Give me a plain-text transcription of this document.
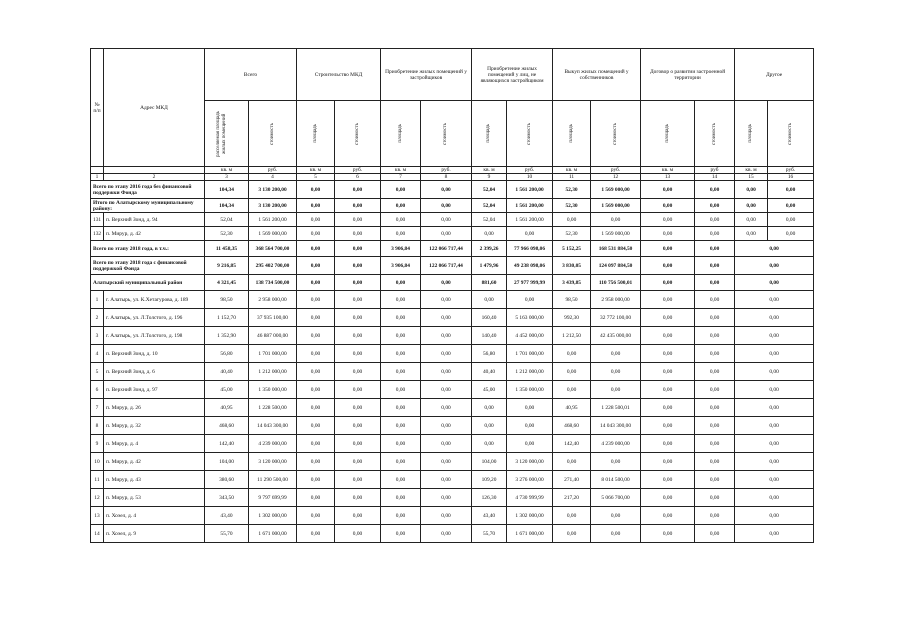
№ п/п	Адрес МКД	Всего		Строительство МКД		Приобретение жилых помещений у застройщиков		Приобретение жилых помещений у лиц, не являющихся застройщиком		Выкуп жилых помещений у собственников		Договор о развитии застроенной территории		Другое	

		расселяемая площадь жилых помещений	стоимость	площадь	стоимость	площадь	стоимость	площадь	стоимость	площадь	стоимость	площадь	стоимость	площадь	стоимость

		кв. м	руб.	кв. м	руб.	кв. м	руб.	кв. м	руб.	кв. м	руб.	кв. м	руб	кв. м	руб.
1	2	3	4	5	6	7	8	9	10	11	12	13	14	15	16
Всего по этапу 2016 года без финансовой поддержки Фонда		104,34	3 130 200,00	0,00	0,00	0,00	0,00	52,04	1 561 200,00	52,30	1 569 000,00	0,00	0,00	0,00	0,00
Итого по Алатырскому муниципальному району:		104,34	3 130 200,00	0,00	0,00	0,00	0,00	52,04	1 561 200,00	52,30	1 569 000,00	0,00	0,00	0,00	0,00
131	п. Верхний Зонд, д. 94	52,04	1 561 200,00	0,00	0,00	0,00	0,00	52,04	1 561 200,00	0,00	0,00	0,00	0,00	0,00	0,00
132	п. Мирур, д. 42	52,30	1 569 000,00	0,00	0,00	0,00	0,00	0,00	0,00	52,30	1 569 000,00	0,00	0,00	0,00	0,00
Всего по этапу 2018 года, в т.ч.:		11 458,35	368 564 700,00	0,00	0,00	3 906,84	122 066 717,44	2 399,26	77 966 098,06	5 152,25	168 531 884,50	0,00	0,00	0,00	
Всего по этапу 2018 года с финансовой поддержкой Фонда		9 216,85	295 402 700,00	0,00	0,00	3 906,84	122 066 717,44	1 479,96	49 238 098,06	3 830,05	124 097 884,50	0,00	0,00	0,00	
Алатырский муниципальный район		4 321,45	138 734 500,00	0,00	0,00	0,00	0,00	881,60	27 977 999,99	3 439,85	110 756 500,01	0,00	0,00	0,00	
1	г. Алатырь, ул. К.Хетагурова, д. 189	98,50	2 958 000,00	0,00	0,00	0,00	0,00	0,00	0,00	98,50	2 958 000,00	0,00	0,00	0,00	
2	г. Алатырь, ул. Л.Толстого, д. 196	1 152,70	37 935 100,00	0,00	0,00	0,00	0,00	160,40	5 163 000,00	992,30	32 772 100,00	0,00	0,00	0,00	
3	г. Алатырь, ул. Л.Толстого, д. 198	1 352,90	46 887 000,00	0,00	0,00	0,00	0,00	140,40	4 452 000,00	1 212,50	42 435 000,00	0,00	0,00	0,00	
4	п. Верхний Зонд, д. 10	56,80	1 701 000,00	0,00	0,00	0,00	0,00	56,80	1 701 000,00	0,00	0,00	0,00	0,00	0,00	
5	п. Верхний Зонд, д. 6	40,40	1 212 000,00	0,00	0,00	0,00	0,00	40,40	1 212 000,00	0,00	0,00	0,00	0,00	0,00	
6	п. Верхний Зонд, д. 97	45,00	1 350 000,00	0,00	0,00	0,00	0,00	45,00	1 350 000,00	0,00	0,00	0,00	0,00	0,00	
7	п. Мирур, д. 26	40,95	1 228 500,00	0,00	0,00	0,00	0,00	0,00	0,00	40,95	1 228 500,01	0,00	0,00	0,00	
8	п. Мирур, д. 32	468,60	14 043 300,00	0,00	0,00	0,00	0,00	0,00	0,00	468,60	14 043 300,00	0,00	0,00	0,00	
9	п. Мирур, д. 4	142,40	4 239 000,00	0,00	0,00	0,00	0,00	0,00	0,00	142,40	4 239 000,00	0,00	0,00	0,00	
10	п. Мирур, д. 42	104,00	3 120 000,00	0,00	0,00	0,00	0,00	104,00	3 120 000,00	0,00	0,00	0,00	0,00	0,00	
11	п. Мирур, д. 43	380,60	11 290 500,00	0,00	0,00	0,00	0,00	109,20	3 276 000,00	271,40	8 014 500,00	0,00	0,00	0,00	
12	п. Мирур, д. 53	343,50	9 797 699,99	0,00	0,00	0,00	0,00	126,30	4 730 999,99	217,20	5 066 700,00	0,00	0,00	0,00	
13	п. Хоэел, д. 4	43,40	1 302 000,00	0,00	0,00	0,00	0,00	43,40	1 302 000,00	0,00	0,00	0,00	0,00	0,00	
14	п. Хоэел, д. 9	55,70	1 671 000,00	0,00	0,00	0,00	0,00	55,70	1 671 000,00	0,00	0,00	0,00	0,00	0,00	
